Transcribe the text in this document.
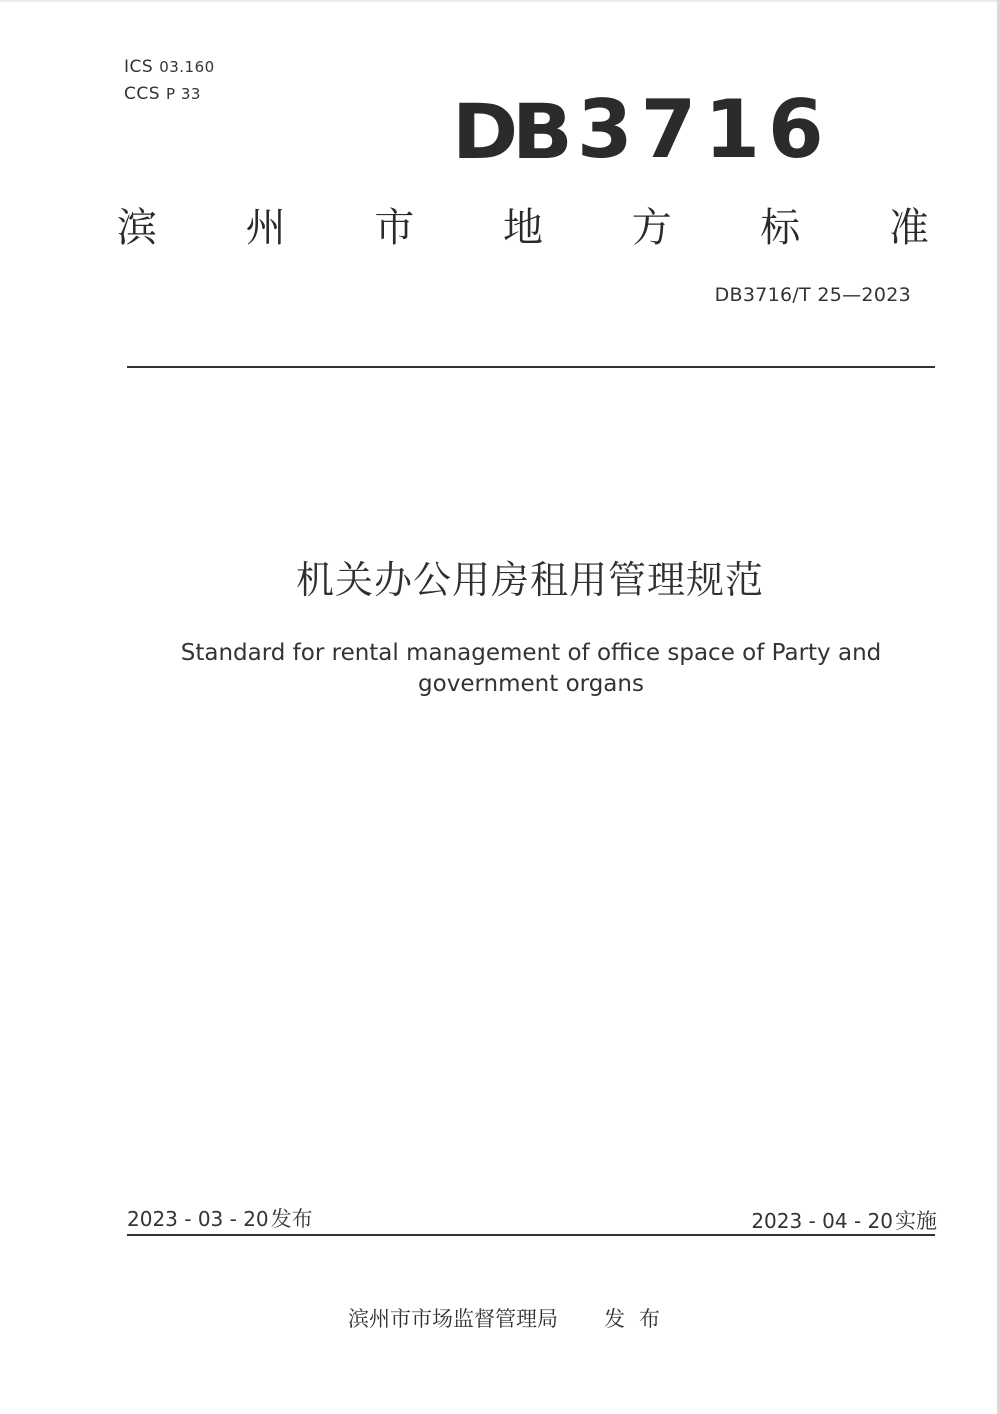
ICS 03.160
CCS P 33	DB 3716
滨 州 市 地 方 标 准
DB3716/T 25—2023
机关办公用房租用管理规范
Standard for rental management of office space of Party and
government organs
2023 - 03 - 20发布	2023 - 04 - 20实施
滨州市市场监督管理局 发布
